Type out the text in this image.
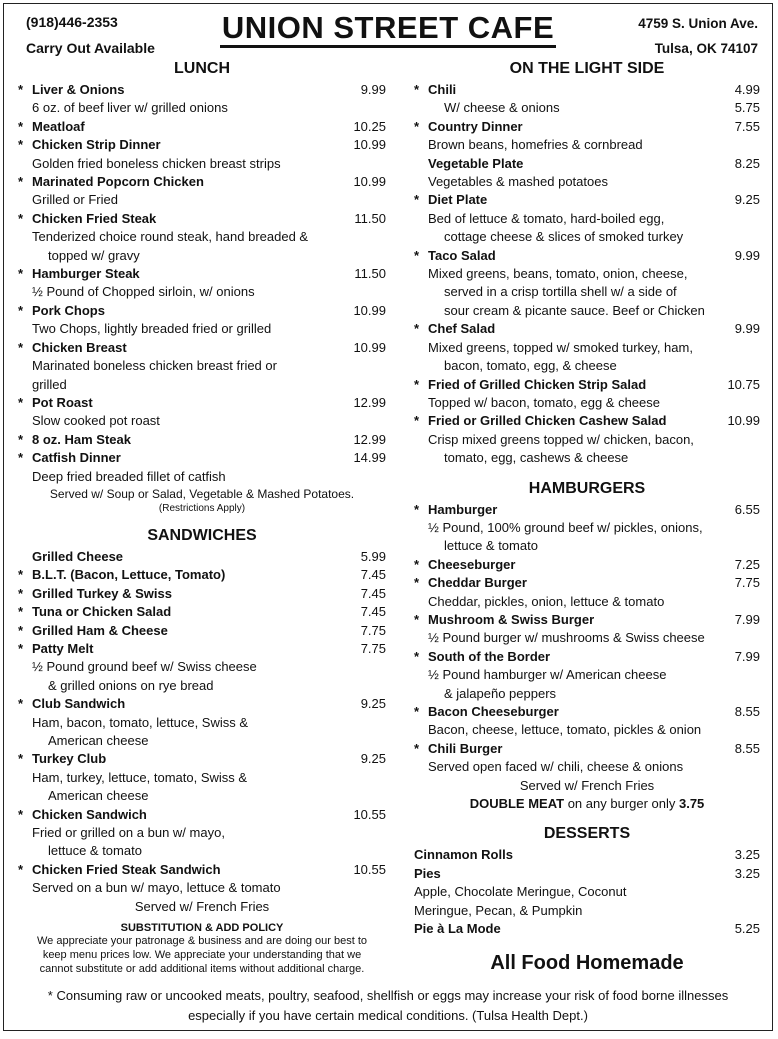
(918)446-2353
Carry Out Available
UNION STREET CAFE	4759 S. Union Ave.
Tulsa, OK 74107
LUNCH
* Liver & Onions	9.99
6 oz. of beef liver w/ grilled onions
* Meatloaf	10.25
* Chicken Strip Dinner	10.99
Golden fried boneless chicken breast strips
* Marinated Popcorn Chicken	10.99
Grilled or Fried
* Chicken Fried Steak	11.50
Tenderized choice round steak, hand breaded &
topped w/ gravy
* Hamburger Steak	11.50
½ Pound of Chopped sirloin, w/ onions
* Pork Chops	10.99
Two Chops, lightly breaded fried or grilled
* Chicken Breast	10.99
Marinated boneless chicken breast fried or
grilled
* Pot Roast	12.99
Slow cooked pot roast
* 8 oz. Ham Steak	12.99
* Catfish Dinner	14.99
Deep fried breaded fillet of catfish
Served w/ Soup or Salad, Vegetable & Mashed Potatoes.
(Restrictions Apply)
SANDWICHES
Grilled Cheese	5.99
* B.L.T. (Bacon, Lettuce, Tomato)	7.45
* Grilled Turkey & Swiss	7.45
* Tuna or Chicken Salad	7.45
* Grilled Ham & Cheese	7.75
* Patty Melt	7.75
½ Pound ground beef w/ Swiss cheese
& grilled onions on rye bread
* Club Sandwich	9.25
Ham, bacon, tomato, lettuce, Swiss &
American cheese
* Turkey Club	9.25
Ham, turkey, lettuce, tomato, Swiss &
American cheese
* Chicken Sandwich	10.55
Fried or grilled on a bun w/ mayo,
lettuce & tomato
* Chicken Fried Steak Sandwich	10.55
Served on a bun w/ mayo, lettuce & tomato
Served w/ French Fries
SUBSTITUTION & ADD POLICY
We appreciate your patronage & business and are doing our best to
keep menu prices low. We appreciate your understanding that we
cannot substitute or add additional items without additional charge.
ON THE LIGHT SIDE
* Chili	4.99
W/ cheese & onions	5.75
* Country Dinner	7.55
Brown beans, homefries & cornbread
Vegetable Plate	8.25
Vegetables & mashed potatoes
* Diet Plate	9.25
Bed of lettuce & tomato, hard-boiled egg,
cottage cheese & slices of smoked turkey
* Taco Salad	9.99
Mixed greens, beans, tomato, onion, cheese,
served in a crisp tortilla shell w/ a side of
sour cream & picante sauce. Beef or Chicken
* Chef Salad	9.99
Mixed greens, topped w/ smoked turkey, ham,
bacon, tomato, egg, & cheese
* Fried of Grilled Chicken Strip Salad	10.75
Topped w/ bacon, tomato, egg & cheese
* Fried or Grilled Chicken Cashew Salad	10.99
Crisp mixed greens topped w/ chicken, bacon,
tomato, egg, cashews & cheese
HAMBURGERS
* Hamburger	6.55
½ Pound, 100% ground beef w/ pickles, onions,
lettuce & tomato
* Cheeseburger	7.25
* Cheddar Burger	7.75
Cheddar, pickles, onion, lettuce & tomato
* Mushroom & Swiss Burger	7.99
½ Pound burger w/ mushrooms & Swiss cheese
* South of the Border	7.99
½ Pound hamburger w/ American cheese
& jalapeño peppers
* Bacon Cheeseburger	8.55
Bacon, cheese, lettuce, tomato, pickles & onion
* Chili Burger	8.55
Served open faced w/ chili, cheese & onions
Served w/ French Fries
DOUBLE MEAT on any burger only 3.75
DESSERTS
Cinnamon Rolls	3.25
Pies	3.25
Apple, Chocolate Meringue, Coconut
Meringue, Pecan, & Pumpkin
Pie à La Mode	5.25
All Food Homemade
* Consuming raw or uncooked meats, poultry, seafood, shellfish or eggs may increase your risk of food borne illnesses
especially if you have certain medical conditions. (Tulsa Health Dept.)
